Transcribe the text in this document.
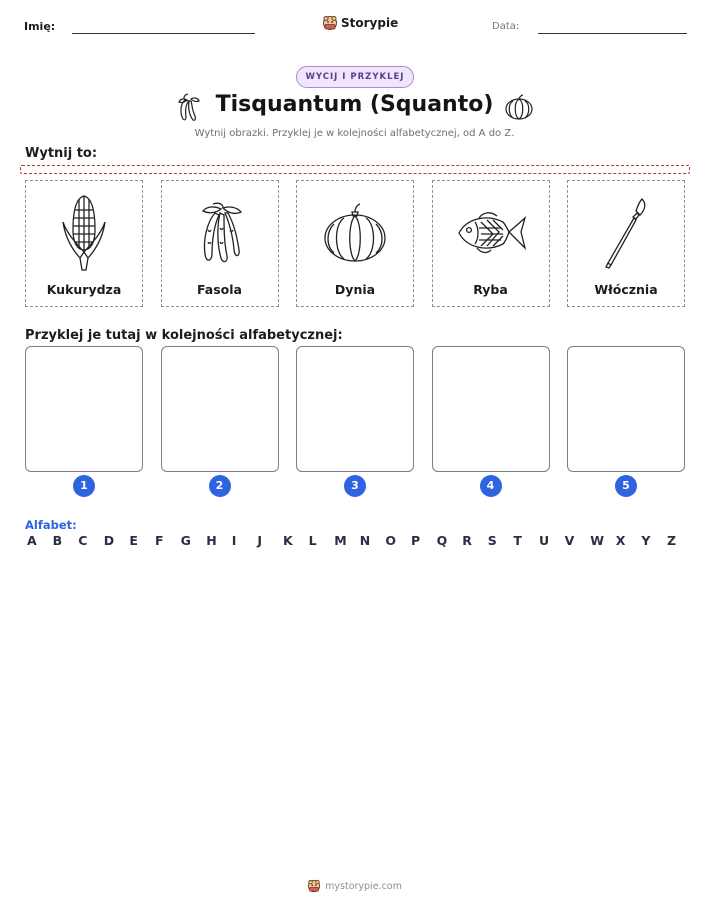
Imię:	Storypie	Data:
WYCIJ I PRZYKLEJ
Tisquantum (Squanto)
Wytnij obrazki. Przyklej je w kolejności alfabetycznej, od A do Z.
Wytnij to:
Kukurydza	Fasola	Dynia	Ryba	Włócznia
Przyklej je tutaj w kolejności alfabetycznej:
1	2	3	4	5
Alfabet:
A B C D E F G H I J K L M N O P Q R S T U V W X Y Z
mystorypie.com
